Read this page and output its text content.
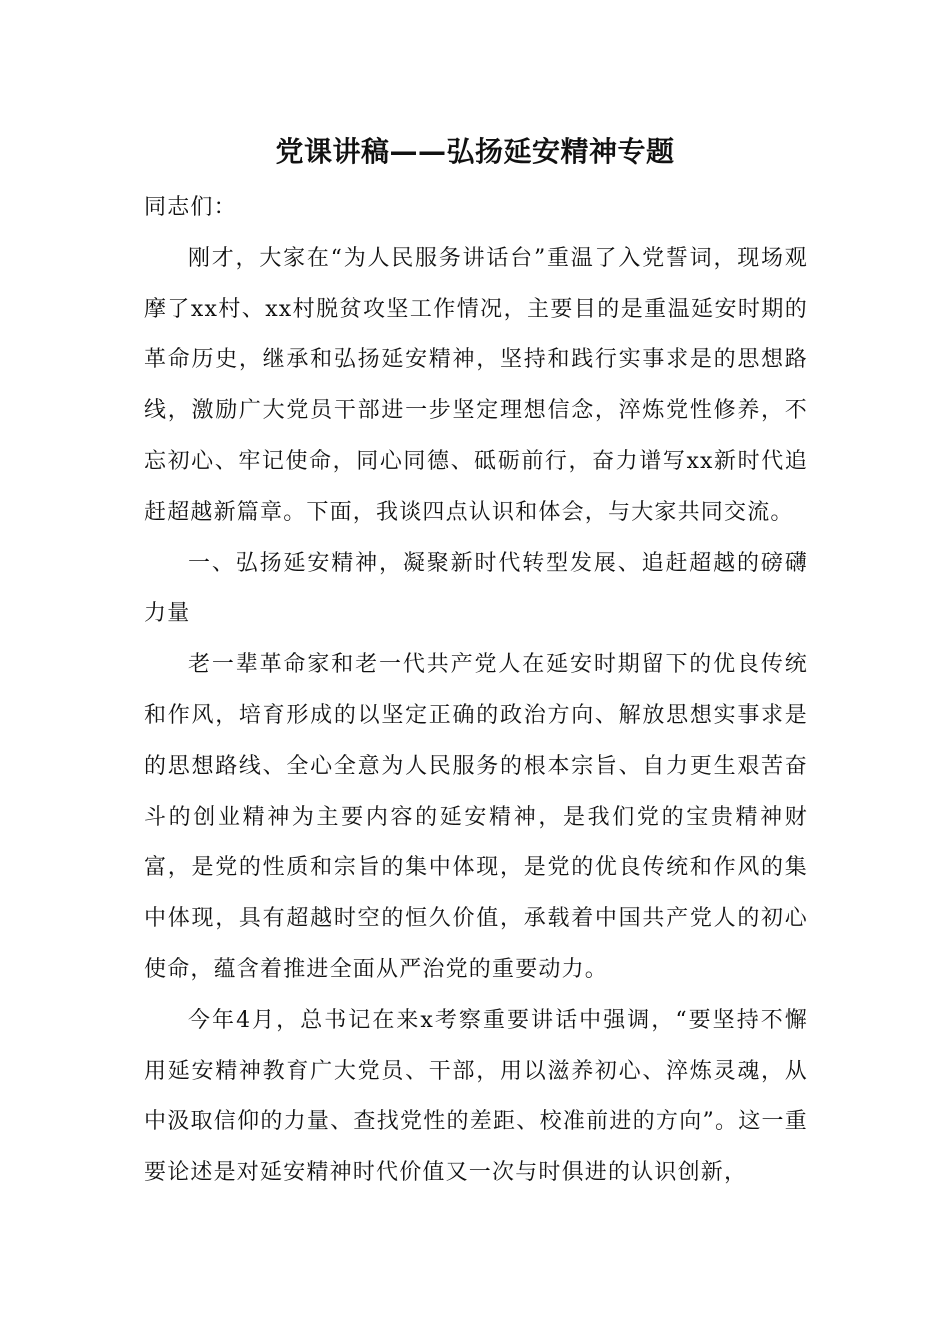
党课讲稿——弘扬延安精神专题

同志们：

刚才，大家在“为人民服务讲话台”重温了入党誓词，现场观摩了xx村、xx村脱贫攻坚工作情况，主要目的是重温延安时期的革命历史，继承和弘扬延安精神，坚持和践行实事求是的思想路线，激励广大党员干部进一步坚定理想信念，淬炼党性修养，不忘初心、牢记使命，同心同德、砥砺前行，奋力谱写xx新时代追赶超越新篇章。下面，我谈四点认识和体会，与大家共同交流。

一、弘扬延安精神，凝聚新时代转型发展、追赶超越的磅礴力量

老一辈革命家和老一代共产党人在延安时期留下的优良传统和作风，培育形成的以坚定正确的政治方向、解放思想实事求是的思想路线、全心全意为人民服务的根本宗旨、自力更生艰苦奋斗的创业精神为主要内容的延安精神，是我们党的宝贵精神财富，是党的性质和宗旨的集中体现，是党的优良传统和作风的集中体现，具有超越时空的恒久价值，承载着中国共产党人的初心使命，蕴含着推进全面从严治党的重要动力。

今年4月，总书记在来x考察重要讲话中强调，“要坚持不懈用延安精神教育广大党员、干部，用以滋养初心、淬炼灵魂，从中汲取信仰的力量、查找党性的差距、校准前进的方向”。这一重要论述是对延安精神时代价值又一次与时俱进的认识创新，
